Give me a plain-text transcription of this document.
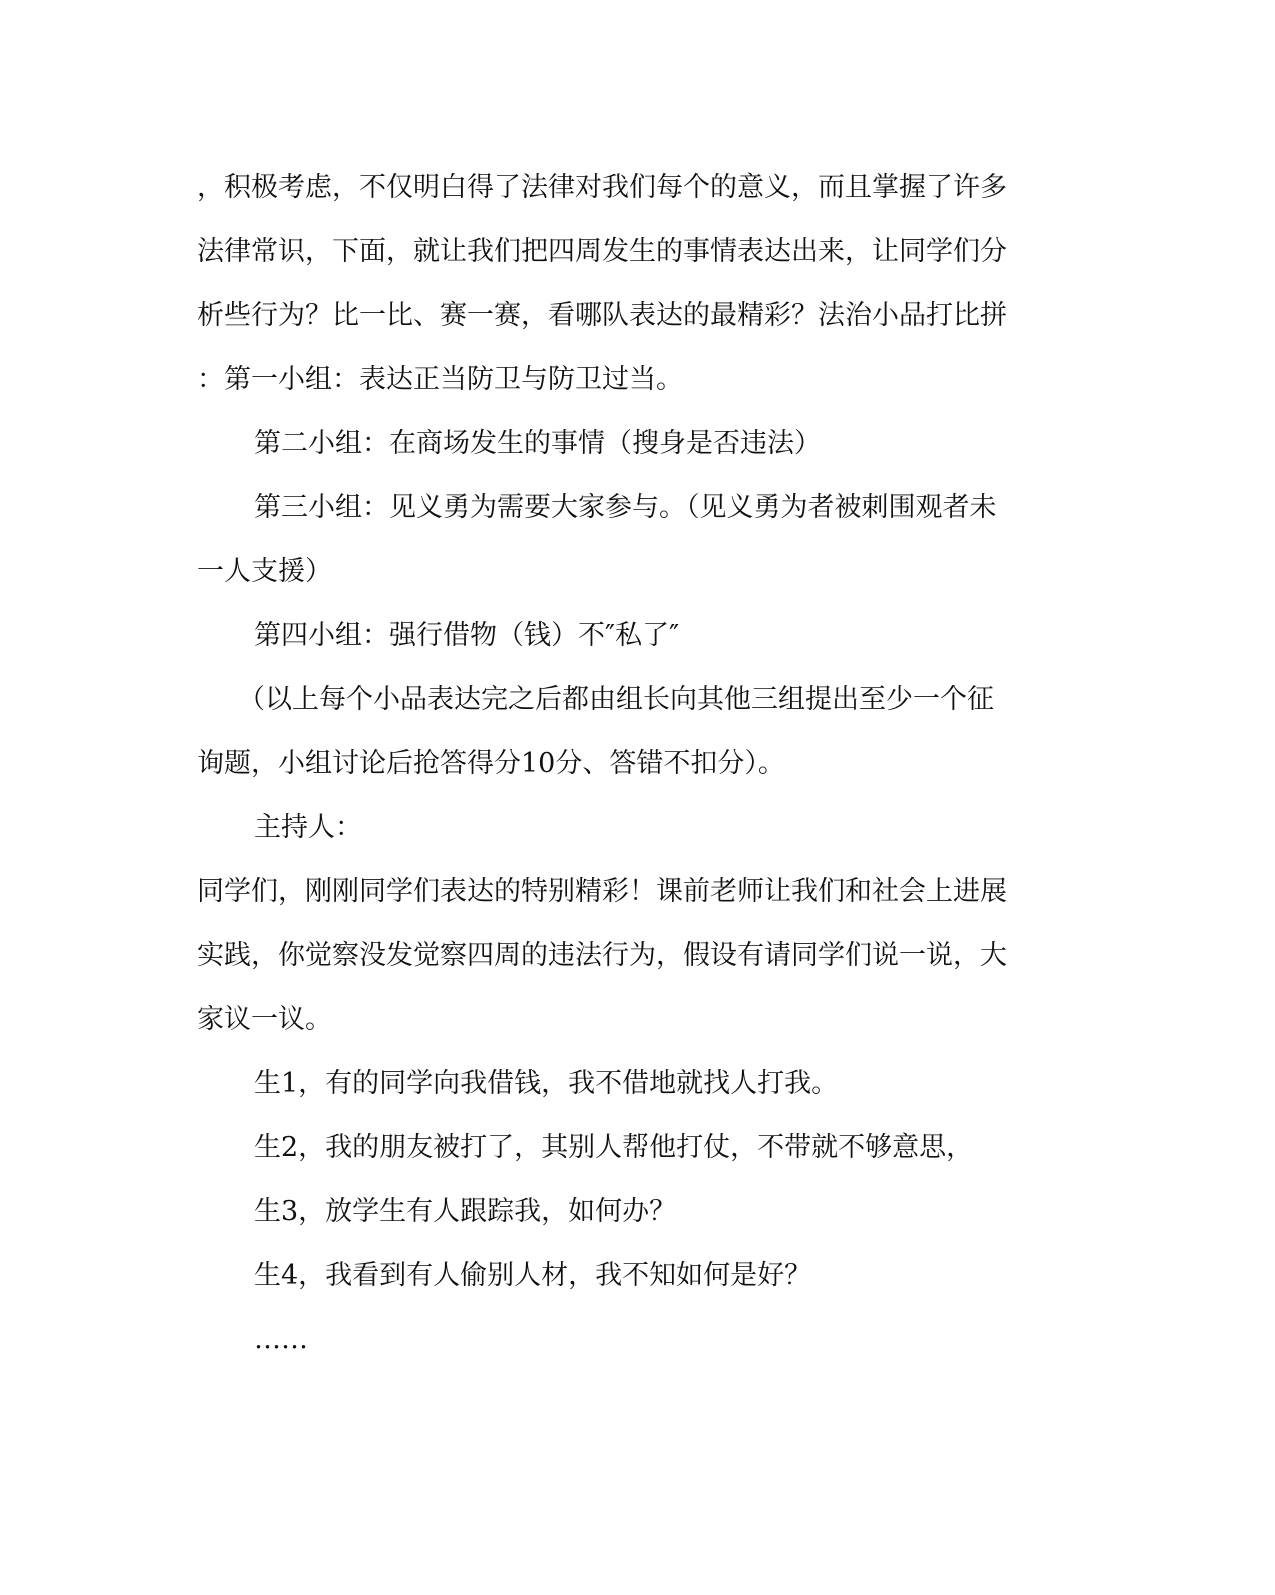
，积极考虑，不仅明白得了法律对我们每个的意义，而且掌握了许多
法律常识，下面，就让我们把四周发生的事情表达出来，让同学们分
析些行为？比一比、赛一赛，看哪队表达的最精彩？法治小品打比拼
：第一小组：表达正当防卫与防卫过当。
第二小组：在商场发生的事情（搜身是否违法）
第三小组：见义勇为需要大家参与。（见义勇为者被刺围观者未
一人支援）
第四小组：强行借物（钱）不″私了″
（以上每个小品表达完之后都由组长向其他三组提出至少一个征
询题，小组讨论后抢答得分10分、答错不扣分）。
主持人：
同学们，刚刚同学们表达的特别精彩！课前老师让我们和社会上进展
实践，你觉察没发觉察四周的违法行为，假设有请同学们说一说，大
家议一议。
生1，有的同学向我借钱，我不借地就找人打我。
生2，我的朋友被打了，其别人帮他打仗，不带就不够意思，
生3，放学生有人跟踪我，如何办？
生4，我看到有人偷别人材，我不知如何是好？
……
